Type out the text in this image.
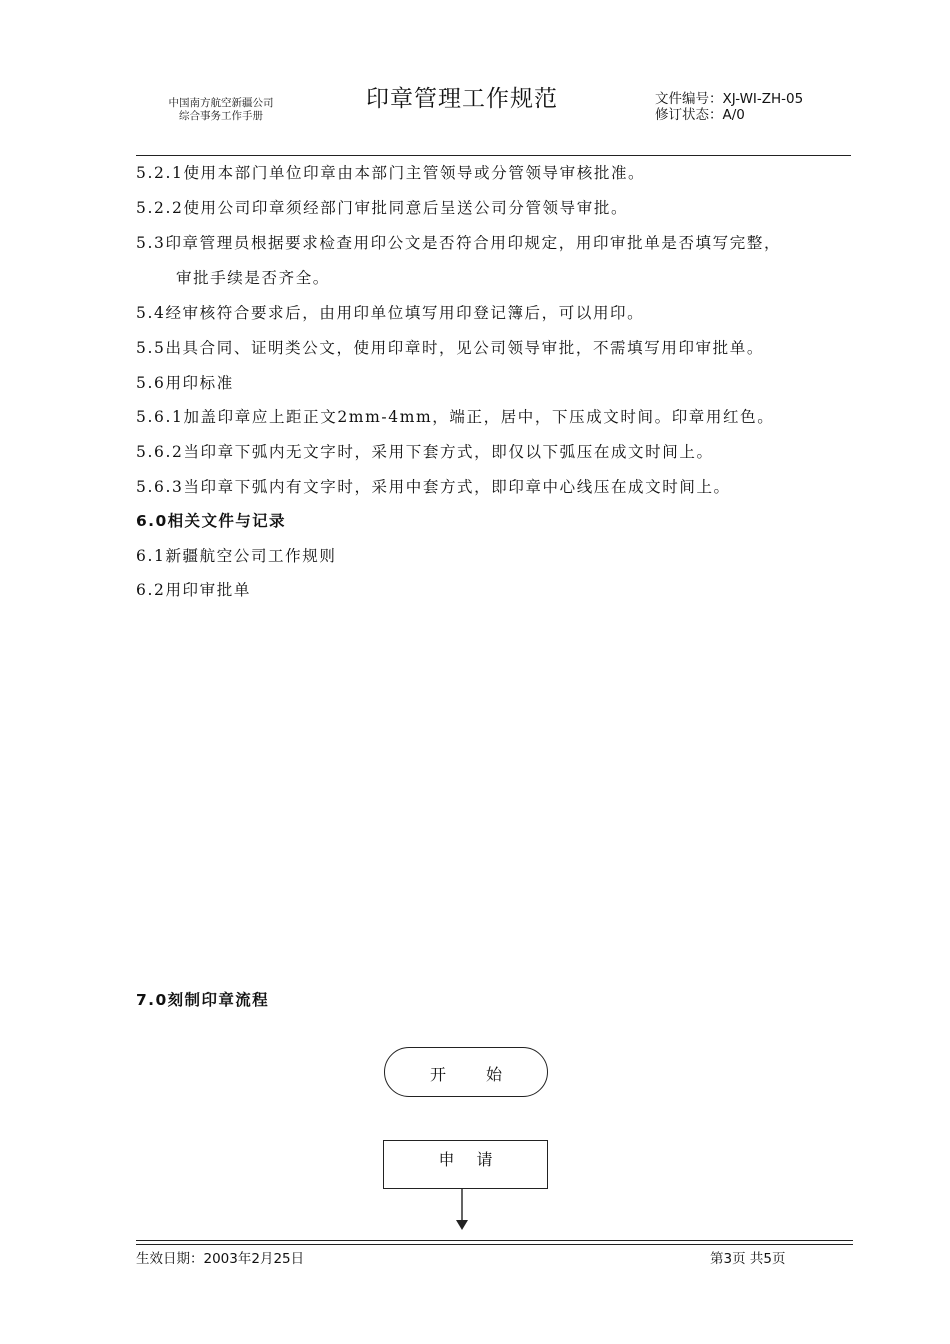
中国南方航空新疆公司
综合事务工作手册
印章管理工作规范	文件编号：XJ-WI-ZH-05
修订状态：A/0
5.2.1使用本部门单位印章由本部门主管领导或分管领导审核批准。
5.2.2使用公司印章须经部门审批同意后呈送公司分管领导审批。
5.3印章管理员根据要求检查用印公文是否符合用印规定，用印审批单是否填写完整，
审批手续是否齐全。
5.4经审核符合要求后，由用印单位填写用印登记簿后，可以用印。
5.5出具合同、证明类公文，使用印章时，见公司领导审批，不需填写用印审批单。
5.6用印标准
5.6.1加盖印章应上距正文2mm-4mm，端正，居中，下压成文时间。印章用红色。
5.6.2当印章下弧内无文字时，采用下套方式，即仅以下弧压在成文时间上。
5.6.3当印章下弧内有文字时，采用中套方式，即印章中心线压在成文时间上。
6.0相关文件与记录
6.1新疆航空公司工作规则
6.2用印审批单
7.0刻制印章流程
开始
申请
生效日期：2003年2月25日	第3页 共5页
